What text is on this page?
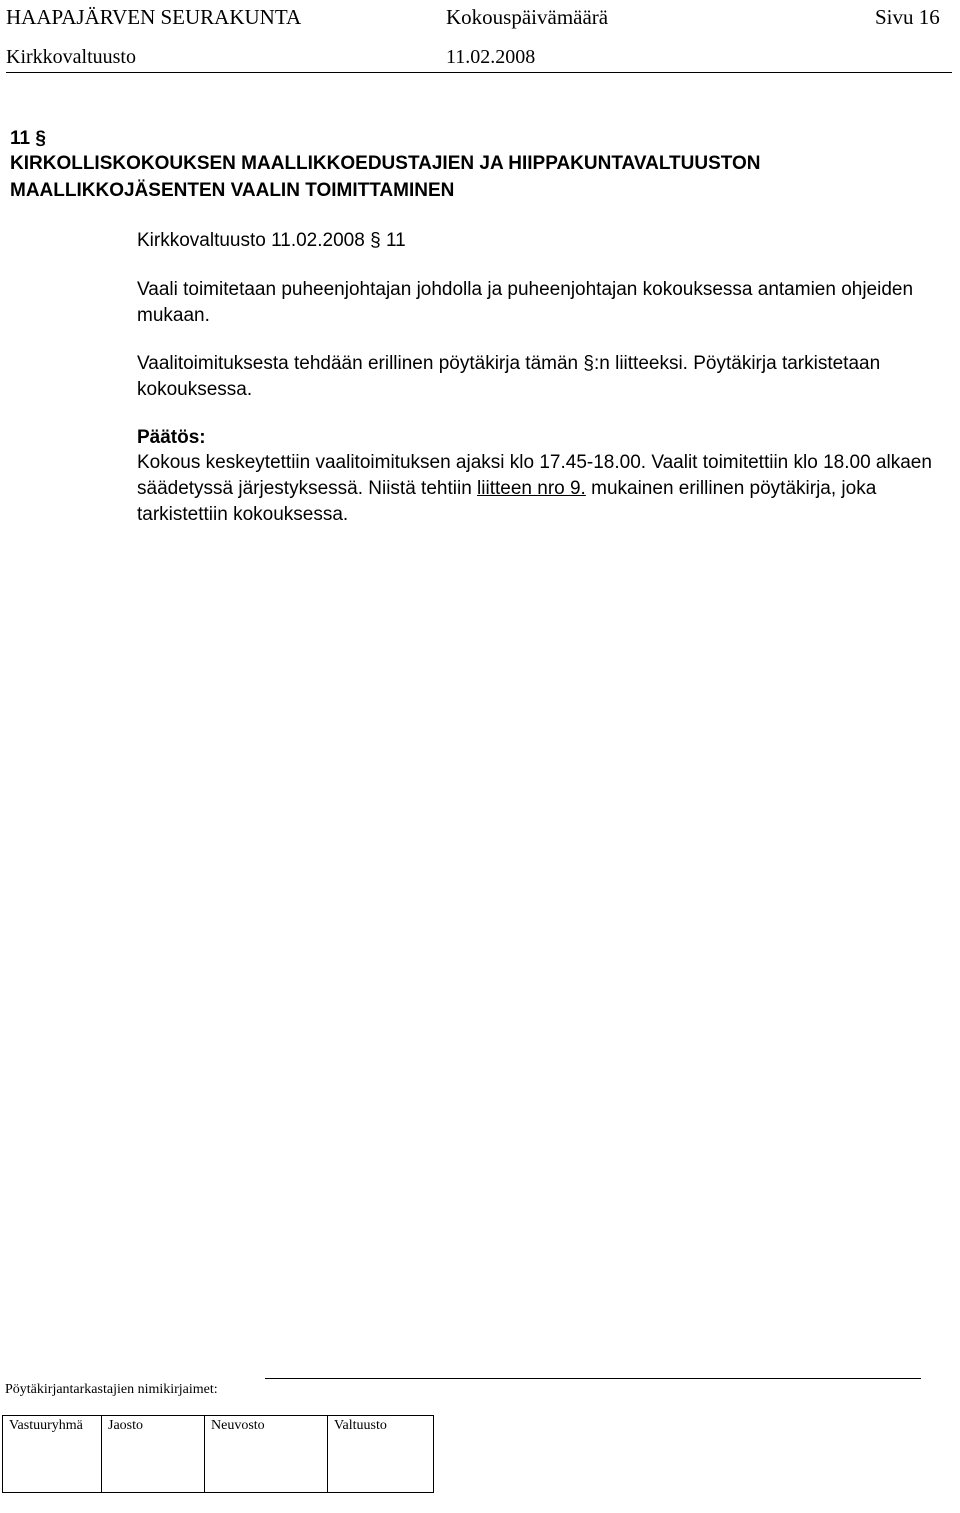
HAAPAJÄRVEN SEURAKUNTA	Kokouspäivämäärä	Sivu 16
Kirkkovaltuusto	11.02.2008
11 §
KIRKOLLISKOKOUKSEN MAALLIKKOEDUSTAJIEN JA HIIPPAKUNTAVALTUUSTON MAALLIKKOJÄSENTEN VAALIN TOIMITTAMINEN
Kirkkovaltuusto 11.02.2008 § 11
Vaali toimitetaan puheenjohtajan johdolla ja puheenjohtajan kokouksessa antamien ohjeiden mukaan.
Vaalitoimituksesta tehdään erillinen pöytäkirja tämän §:n liitteeksi. Pöytäkirja tarkistetaan kokouksessa.
Päätös:
Kokous keskeytettiin vaalitoimituksen ajaksi klo 17.45-18.00. Vaalit toimitettiin klo 18.00 alkaen säädetyssä järjestyksessä. Niistä tehtiin liitteen nro 9. mukainen erillinen pöytäkirja, joka tarkistettiin kokouksessa.
Pöytäkirjantarkastajien nimikirjaimet:
Vastuuryhmä Jaosto	Neuvosto	Valtuusto
